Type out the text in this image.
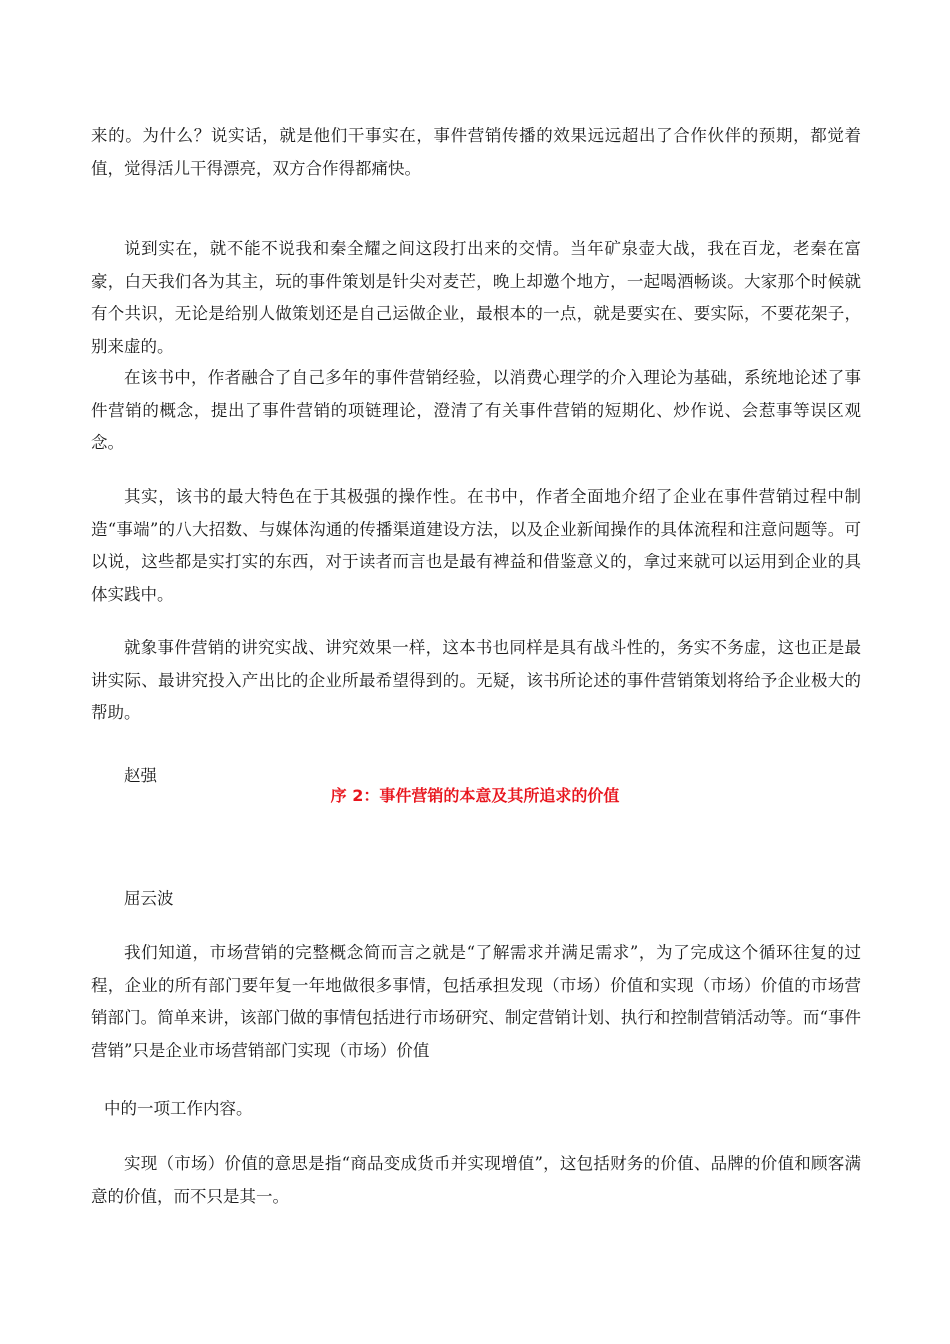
来的。为什么？说实话，就是他们干事实在，事件营销传播的效果远远超出了合作伙伴的预期，都觉着值，觉得活儿干得漂亮，双方合作得都痛快。

说到实在，就不能不说我和秦全耀之间这段打出来的交情。当年矿泉壶大战，我在百龙，老秦在富豪，白天我们各为其主，玩的事件策划是针尖对麦芒，晚上却邀个地方，一起喝酒畅谈。大家那个时候就有个共识，无论是给别人做策划还是自己运做企业，最根本的一点，就是要实在、要实际，不要花架子，别来虚的。

在该书中，作者融合了自己多年的事件营销经验，以消费心理学的介入理论为基础，系统地论述了事件营销的概念，提出了事件营销的项链理论，澄清了有关事件营销的短期化、炒作说、会惹事等误区观念。

其实，该书的最大特色在于其极强的操作性。在书中，作者全面地介绍了企业在事件营销过程中制造“事端”的八大招数、与媒体沟通的传播渠道建设方法，以及企业新闻操作的具体流程和注意问题等。可以说，这些都是实打实的东西，对于读者而言也是最有裨益和借鉴意义的，拿过来就可以运用到企业的具体实践中。

就象事件营销的讲究实战、讲究效果一样，这本书也同样是具有战斗性的，务实不务虚，这也正是最讲实际、最讲究投入产出比的企业所最希望得到的。无疑，该书所论述的事件营销策划将给予企业极大的帮助。

赵强

序 2：事件营销的本意及其所追求的价值

屈云波

我们知道，市场营销的完整概念简而言之就是“了解需求并满足需求”，为了完成这个循环往复的过程，企业的所有部门要年复一年地做很多事情，包括承担发现（市场）价值和实现（市场）价值的市场营销部门。简单来讲，该部门做的事情包括进行市场研究、制定营销计划、执行和控制营销活动等。而“事件营销”只是企业市场营销部门实现（市场）价值

中的一项工作内容。

实现（市场）价值的意思是指“商品变成货币并实现增值”，这包括财务的价值、品牌的价值和顾客满意的价值，而不只是其一。
